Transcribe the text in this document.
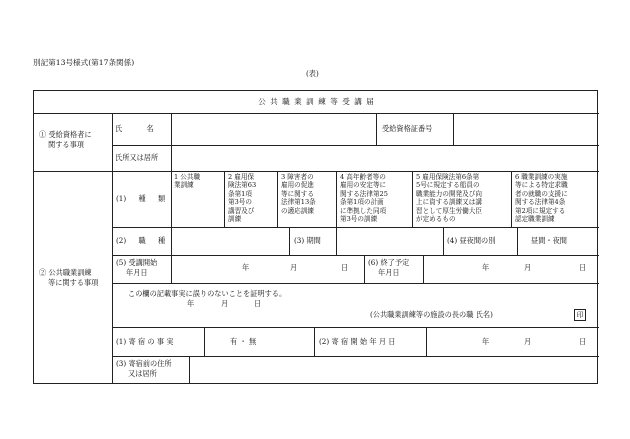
別記第13号様式(第17条関係)
(表)
公 共 職 業 訓 練 等 受 講 届
① 受給資格者に
関する事項
氏 名	受給資格証番号
氏所又は居所
② 公共職業訓練
等に関する事項
(1) 種 類
1 公共職
業訓練
2 雇用保
険法第63
条第1項
第3号の
講習及び
訓練
3 障害者の
雇用の促進
等に関する
法律第13条
の適応訓練
4 高年齢者等の
雇用の安定等に
関する法律第25
条第1項の計画
に準拠した同項
第3号の訓練
5 雇用保険法第6条第
5号に規定する船員の
職業能力の開発及び向
上に資する訓練又は講
習として厚生労働大臣
が定めるもの
6 職業訓練の実施
等による特定求職
者の就職の支援に
関する法律第4条
第2項に規定する
認定職業訓練
(2) 職 種	(3) 期間	(4) 昼夜間の別	昼間・夜間
(5) 受講開始
年月日
年	月	日
(6) 終了予定
年月日
年	月	日
この欄の記載事実に誤りのないことを証明する。
年	月	日
(公共職業訓練等の施設の長の職 氏名)	印
(1) 寄 宿 の 事 実	有 ・ 無	(2) 寄 宿 開 始 年 月 日	年	月	日
(3) 寄宿前の住所
又は居所
